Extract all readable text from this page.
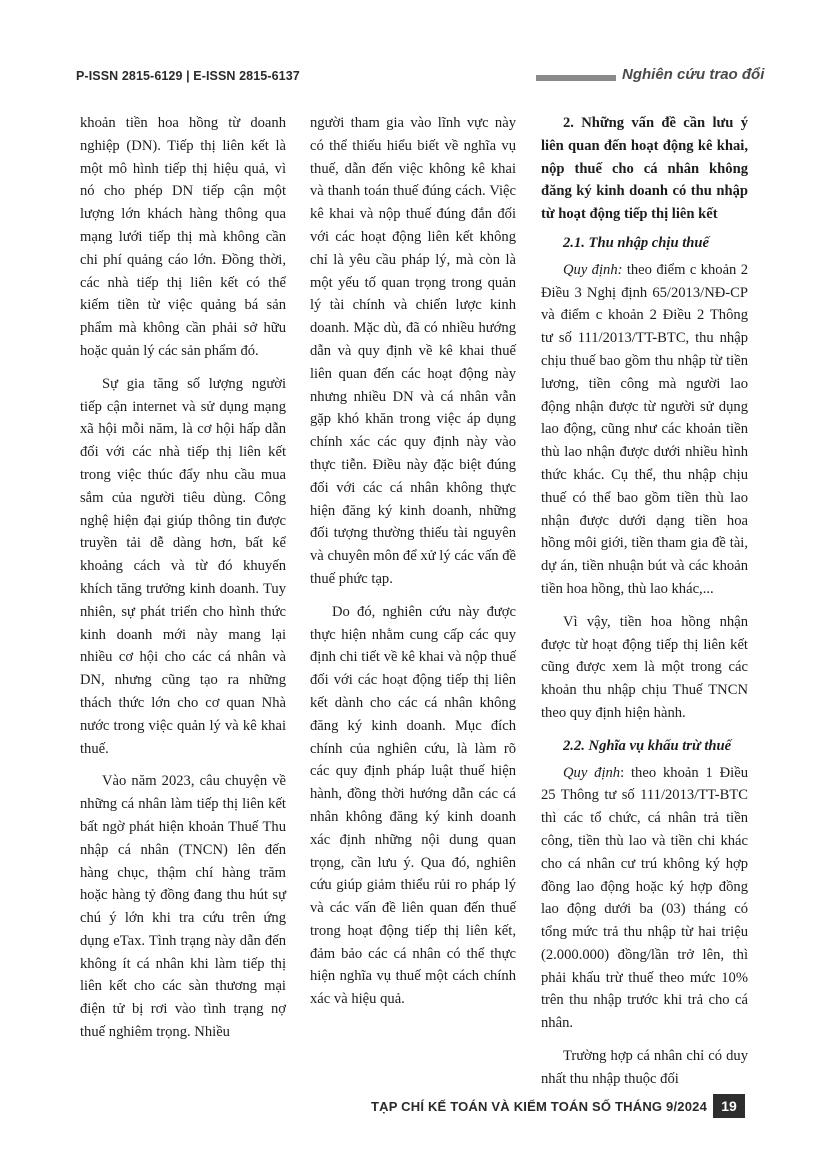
P-ISSN 2815-6129 | E-ISSN 2815-6137	Nghiên cứu trao đổi

khoản tiền hoa hồng từ doanh nghiệp (DN). Tiếp thị liên kết là một mô hình tiếp thị hiệu quả, vì nó cho phép DN tiếp cận một lượng lớn khách hàng thông qua mạng lưới tiếp thị mà không cần chi phí quảng cáo lớn. Đồng thời, các nhà tiếp thị liên kết có thể kiếm tiền từ việc quảng bá sản phẩm mà không cần phải sở hữu hoặc quản lý các sản phẩm đó.

Sự gia tăng số lượng người tiếp cận internet và sử dụng mạng xã hội mỗi năm, là cơ hội hấp dẫn đối với các nhà tiếp thị liên kết trong việc thúc đẩy nhu cầu mua sắm của người tiêu dùng. Công nghệ hiện đại giúp thông tin được truyền tải dễ dàng hơn, bất kể khoảng cách và từ đó khuyến khích tăng trưởng kinh doanh. Tuy nhiên, sự phát triển cho hình thức kinh doanh mới này mang lại nhiều cơ hội cho các cá nhân và DN, nhưng cũng tạo ra những thách thức lớn cho cơ quan Nhà nước trong việc quản lý và kê khai thuế.

Vào năm 2023, câu chuyện về những cá nhân làm tiếp thị liên kết bất ngờ phát hiện khoản Thuế Thu nhập cá nhân (TNCN) lên đến hàng chục, thậm chí hàng trăm hoặc hàng tỷ đồng đang thu hút sự chú ý lớn khi tra cứu trên ứng dụng eTax. Tình trạng này dẫn đến không ít cá nhân khi làm tiếp thị liên kết cho các sàn thương mại điện tử bị rơi vào tình trạng nợ thuế nghiêm trọng. Nhiều

người tham gia vào lĩnh vực này có thể thiếu hiểu biết về nghĩa vụ thuế, dẫn đến việc không kê khai và thanh toán thuế đúng cách. Việc kê khai và nộp thuế đúng đắn đối với các hoạt động liên kết không chỉ là yêu cầu pháp lý, mà còn là một yếu tố quan trọng trong quản lý tài chính và chiến lược kinh doanh. Mặc dù, đã có nhiều hướng dẫn và quy định về kê khai thuế liên quan đến các hoạt động này nhưng nhiều DN và cá nhân vẫn gặp khó khăn trong việc áp dụng chính xác các quy định này vào thực tiễn. Điều này đặc biệt đúng đối với các cá nhân không thực hiện đăng ký kinh doanh, những đối tượng thường thiếu tài nguyên và chuyên môn để xử lý các vấn đề thuế phức tạp.

Do đó, nghiên cứu này được thực hiện nhằm cung cấp các quy định chi tiết về kê khai và nộp thuế đối với các hoạt động tiếp thị liên kết dành cho các cá nhân không đăng ký kinh doanh. Mục đích chính của nghiên cứu, là làm rõ các quy định pháp luật thuế hiện hành, đồng thời hướng dẫn các cá nhân không đăng ký kinh doanh xác định những nội dung quan trọng, cần lưu ý. Qua đó, nghiên cứu giúp giảm thiểu rủi ro pháp lý và các vấn đề liên quan đến thuế trong hoạt động tiếp thị liên kết, đảm bảo các cá nhân có thể thực hiện nghĩa vụ thuế một cách chính xác và hiệu quả.

2. Những vấn đề cần lưu ý liên quan đến hoạt động kê khai, nộp thuế cho cá nhân không đăng ký kinh doanh có thu nhập từ hoạt động tiếp thị liên kết
2.1. Thu nhập chịu thuế

Quy định: theo điểm c khoản 2 Điều 3 Nghị định 65/2013/NĐ-CP và điểm c khoản 2 Điều 2 Thông tư số 111/2013/TT-BTC, thu nhập chịu thuế bao gồm thu nhập từ tiền lương, tiền công mà người lao động nhận được từ người sử dụng lao động, cũng như các khoản tiền thù lao nhận được dưới nhiều hình thức khác. Cụ thể, thu nhập chịu thuế có thể bao gồm tiền thù lao nhận được dưới dạng tiền hoa hồng môi giới, tiền tham gia đề tài, dự án, tiền nhuận bút và các khoản tiền hoa hồng, thù lao khác,...

Vì vậy, tiền hoa hồng nhận được từ hoạt động tiếp thị liên kết cũng được xem là một trong các khoản thu nhập chịu Thuế TNCN theo quy định hiện hành.

2.2. Nghĩa vụ khấu trừ thuế

Quy định: theo khoản 1 Điều 25 Thông tư số 111/2013/TT-BTC thì các tổ chức, cá nhân trả tiền công, tiền thù lao và tiền chi khác cho cá nhân cư trú không ký hợp đồng lao động hoặc ký hợp đồng lao động dưới ba (03) tháng có tổng mức trả thu nhập từ hai triệu (2.000.000) đồng/lần trở lên, thì phải khấu trừ thuế theo mức 10% trên thu nhập trước khi trả cho cá nhân.

Trường hợp cá nhân chỉ có duy nhất thu nhập thuộc đối

TẠP CHÍ KẾ TOÁN VÀ KIỂM TOÁN SỐ THÁNG 9/2024	19
